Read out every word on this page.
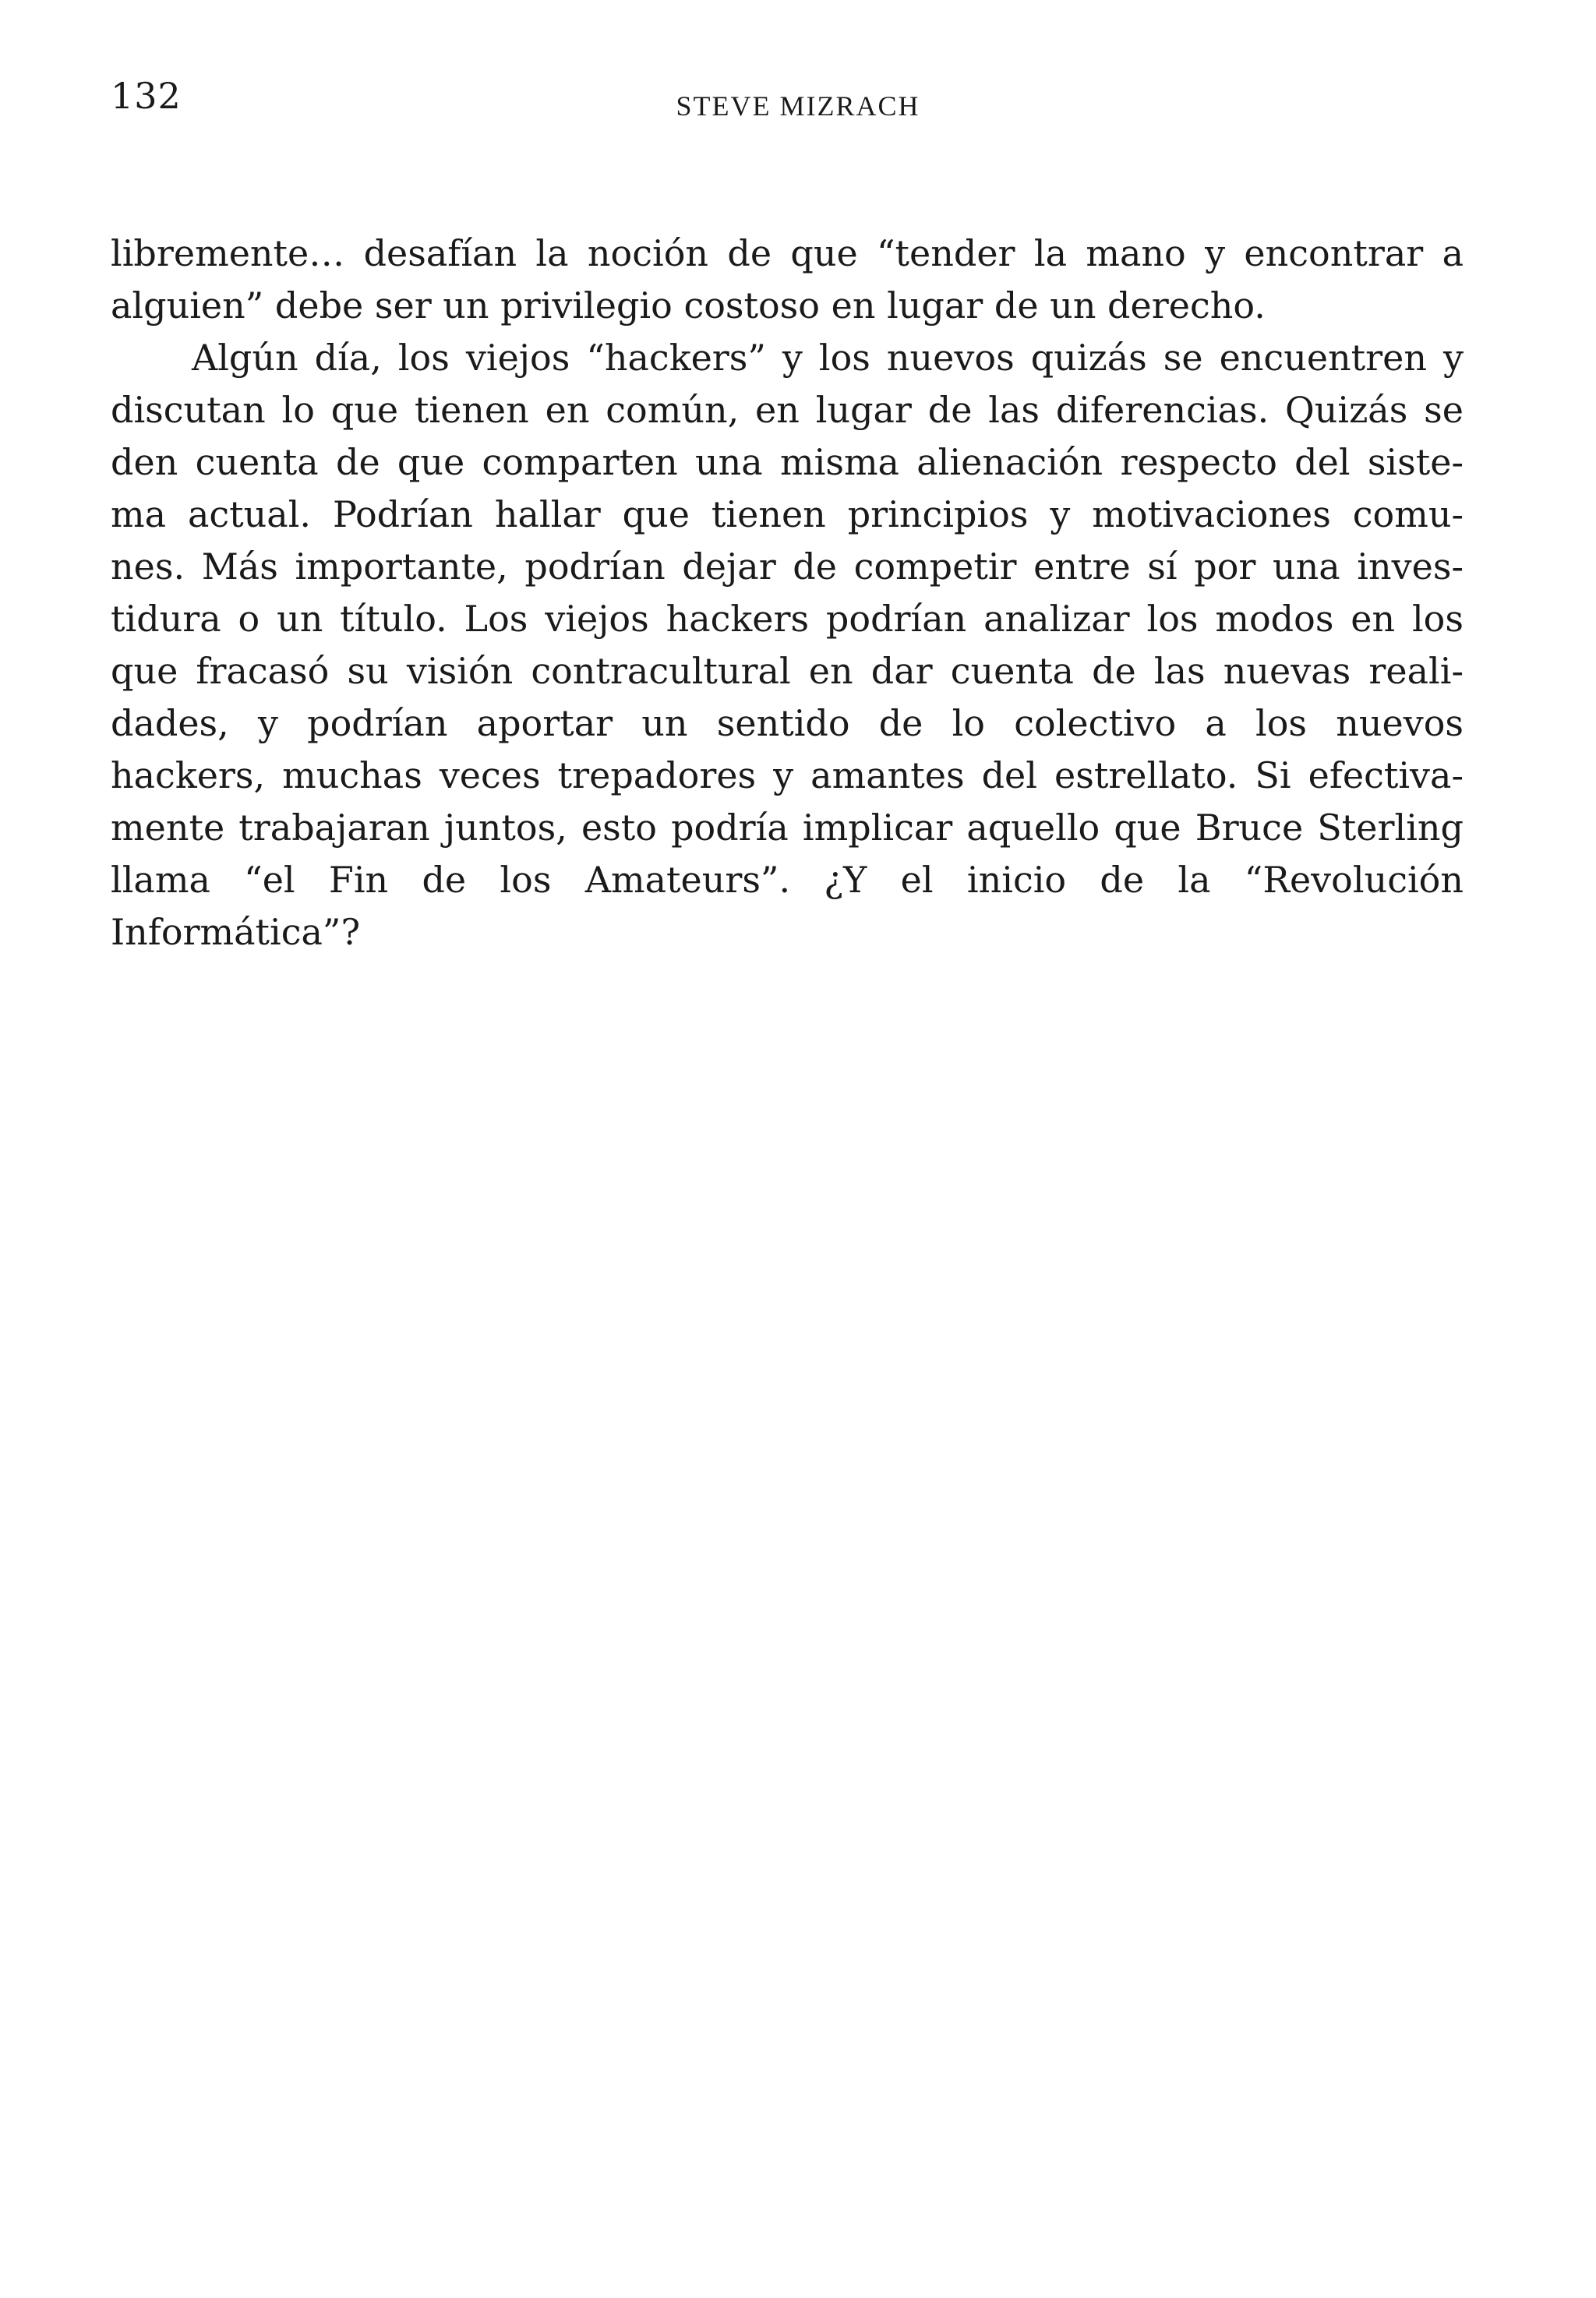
132	STEVE MIZRACH
libremente… desafían la noción de que “tender la mano y encontrar a
alguien” debe ser un privilegio costoso en lugar de un derecho.
Algún día, los viejos “hackers” y los nuevos quizás se encuentren y
discutan lo que tienen en común, en lugar de las diferencias. Quizás se
den cuenta de que comparten una misma alienación respecto del siste-
ma actual. Podrían hallar que tienen principios y motivaciones comu-
nes. Más importante, podrían dejar de competir entre sí por una inves-
tidura o un título. Los viejos hackers podrían analizar los modos en los
que fracasó su visión contracultural en dar cuenta de las nuevas reali-
dades, y podrían aportar un sentido de lo colectivo a los nuevos
hackers, muchas veces trepadores y amantes del estrellato. Si efectiva-
mente trabajaran juntos, esto podría implicar aquello que Bruce Sterling
llama “el Fin de los Amateurs”. ¿Y el inicio de la “Revolución
Informática”?
